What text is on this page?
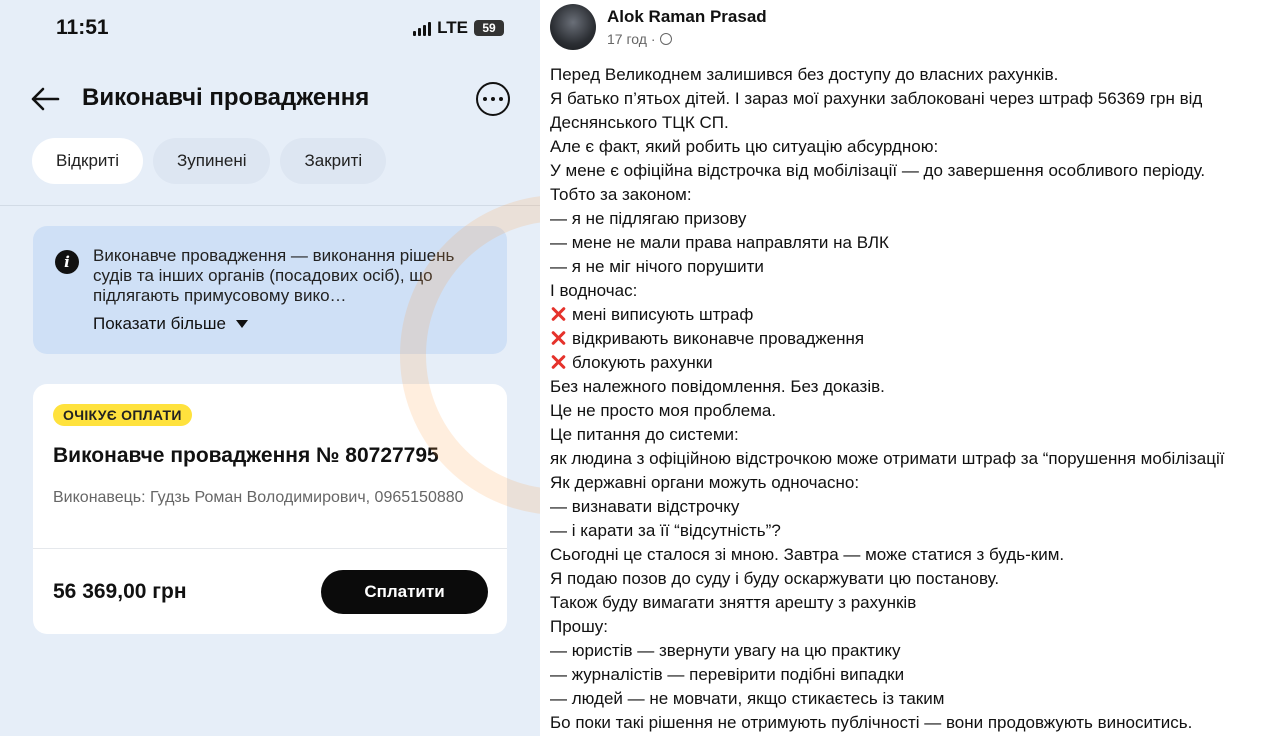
11:51	LTE	59
Виконавчі провадження
Відкриті	Зупинені	Закриті
i	Виконавче провадження — виконання рішень судів та інших органів (посадових осіб), що підлягають примусовому вико…
Показати більше
ОЧІКУЄ ОПЛАТИ
Виконавче провадження № 80727795
Виконавець: Гудзь Роман Володимирович, 0965150880
56 369,00 грн	Сплатити
Alok Raman Prasad
17 год ·
Перед Великоднем залишився без доступу до власних рахунків.
Я батько п’ятьох дітей. І зараз мої рахунки заблоковані через штраф 56369 грн від
Деснянського ТЦК СП.
Але є факт, який робить цю ситуацію абсурдною:
У мене є офіційна відстрочка від мобілізації — до завершення особливого періоду.
Тобто за законом:
— я не підлягаю призову
— мене не мали права направляти на ВЛК
— я не міг нічого порушити
І водночас:
мені виписують штраф
відкривають виконавче провадження
блокують рахунки
Без належного повідомлення. Без доказів.
Це не просто моя проблема.
Це питання до системи:
як людина з офіційною відстрочкою може отримати штраф за “порушення мобілізації
Як державні органи можуть одночасно:
— визнавати відстрочку
— і карати за її “відсутність”?
Сьогодні це сталося зі мною. Завтра — може статися з будь-ким.
Я подаю позов до суду і буду оскаржувати цю постанову.
Також буду вимагати зняття арешту з рахунків
Прошу:
— юристів — звернути увагу на цю практику
— журналістів — перевірити подібні випадки
— людей — не мовчати, якщо стикаєтесь із таким
Бо поки такі рішення не отримують публічності — вони продовжують виноситись.
